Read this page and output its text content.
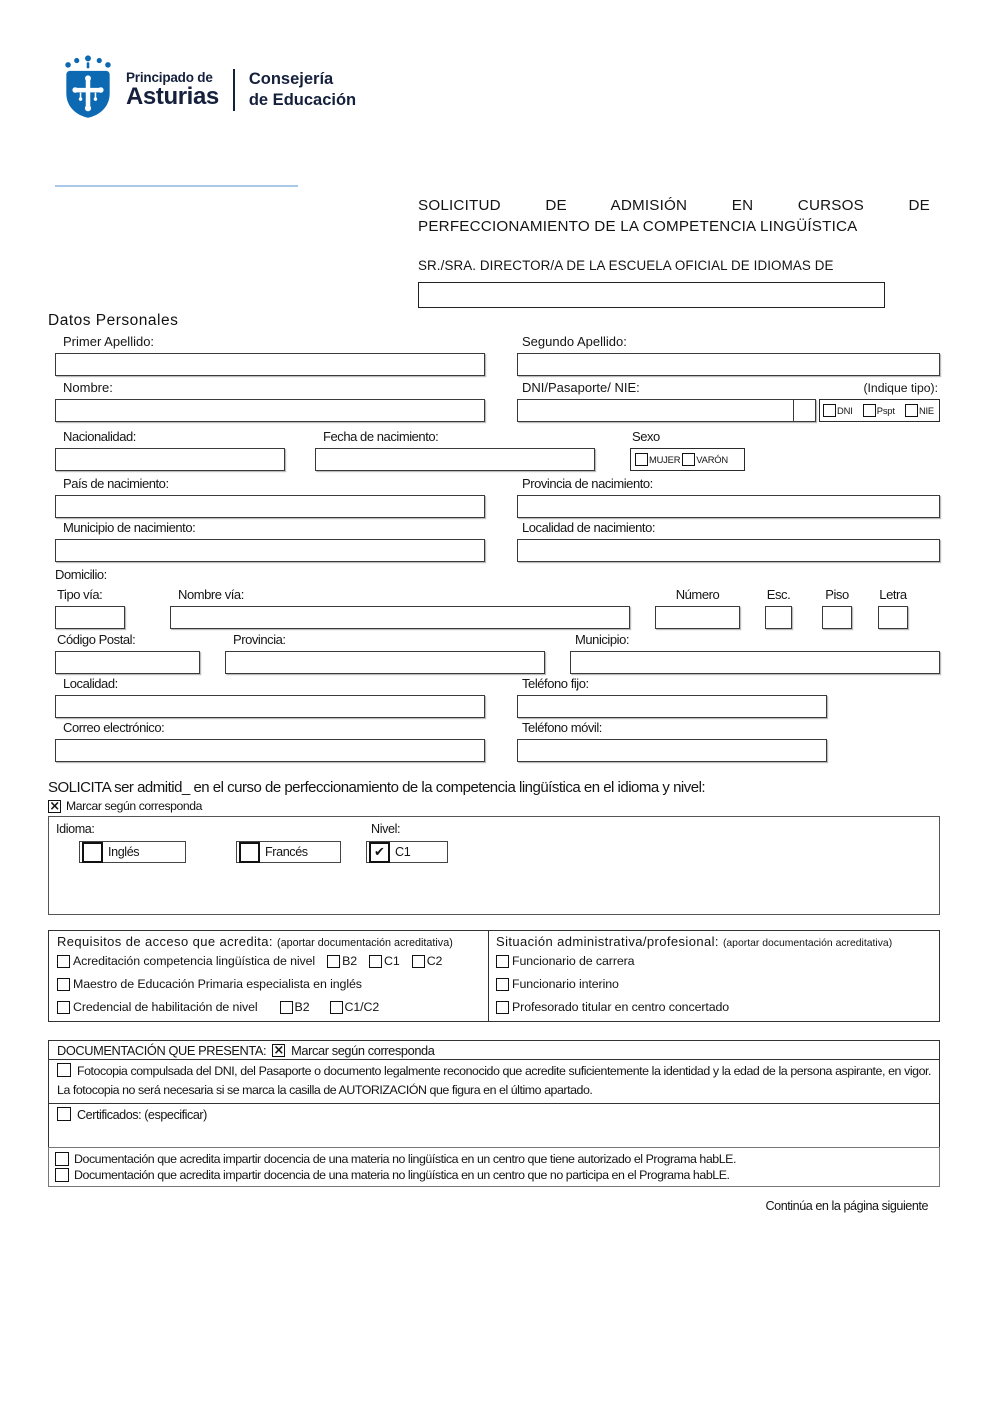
Principado de
Asturias
Consejería
de Educación
SOLICITUD DE ADMISIÓN EN CURSOS DE
PERFECCIONAMIENTO DE LA COMPETENCIA LINGÜÍSTICA
SR./SRA. DIRECTOR/A DE LA ESCUELA OFICIAL DE IDIOMAS DE
Datos Personales
Primer Apellido:	Segundo Apellido:
Nombre:	DNI/Pasaporte/ NIE:	(Indique tipo):
DNI	Pspt	NIE
Nacionalidad:	Fecha de nacimiento:	Sexo
MUJER VARÓN
País de nacimiento:	Provincia de nacimiento:
Municipio de nacimiento:	Localidad de nacimiento:
Domicilio:
Tipo vía:	Nombre vía:	Número	Esc.	Piso Letra
Código Postal:	Provincia:	Municipio:
Localidad:	Teléfono fijo:
Correo electrónico:	Teléfono móvil:
SOLICITA ser admitid_ en el curso de perfeccionamiento de la competencia lingüística en el idioma y nivel:
× Marcar según corresponda
Idioma:	Nivel:
Inglés	Francés	✔ C1
Requisitos de acceso que acredita: (aportar documentación acreditativa)
Acreditación competencia lingüística de nivel B2 C1 C2
Maestro de Educación Primaria especialista en inglés
Credencial de habilitación de nivel	B2	C1/C2
Situación administrativa/profesional: (aportar documentación acreditativa)
Funcionario de carrera
Funcionario interino
Profesorado titular en centro concertado
DOCUMENTACIÓN QUE PRESENTA: × Marcar según corresponda
Fotocopia compulsada del DNI, del Pasaporte o documento legalmente reconocido que acredite suficientemente la identidad y la edad de la persona aspirante, en vigor. La fotocopia no será necesaria si se marca la casilla de AUTORIZACIÓN que figura en el último apartado.
Certificados: (especificar)
Documentación que acredita impartir docencia de una materia no lingüística en un centro que tiene autorizado el Programa habLE.
Documentación que acredita impartir docencia de una materia no lingüística en un centro que no participa en el Programa habLE.
Continúa en la página siguiente
